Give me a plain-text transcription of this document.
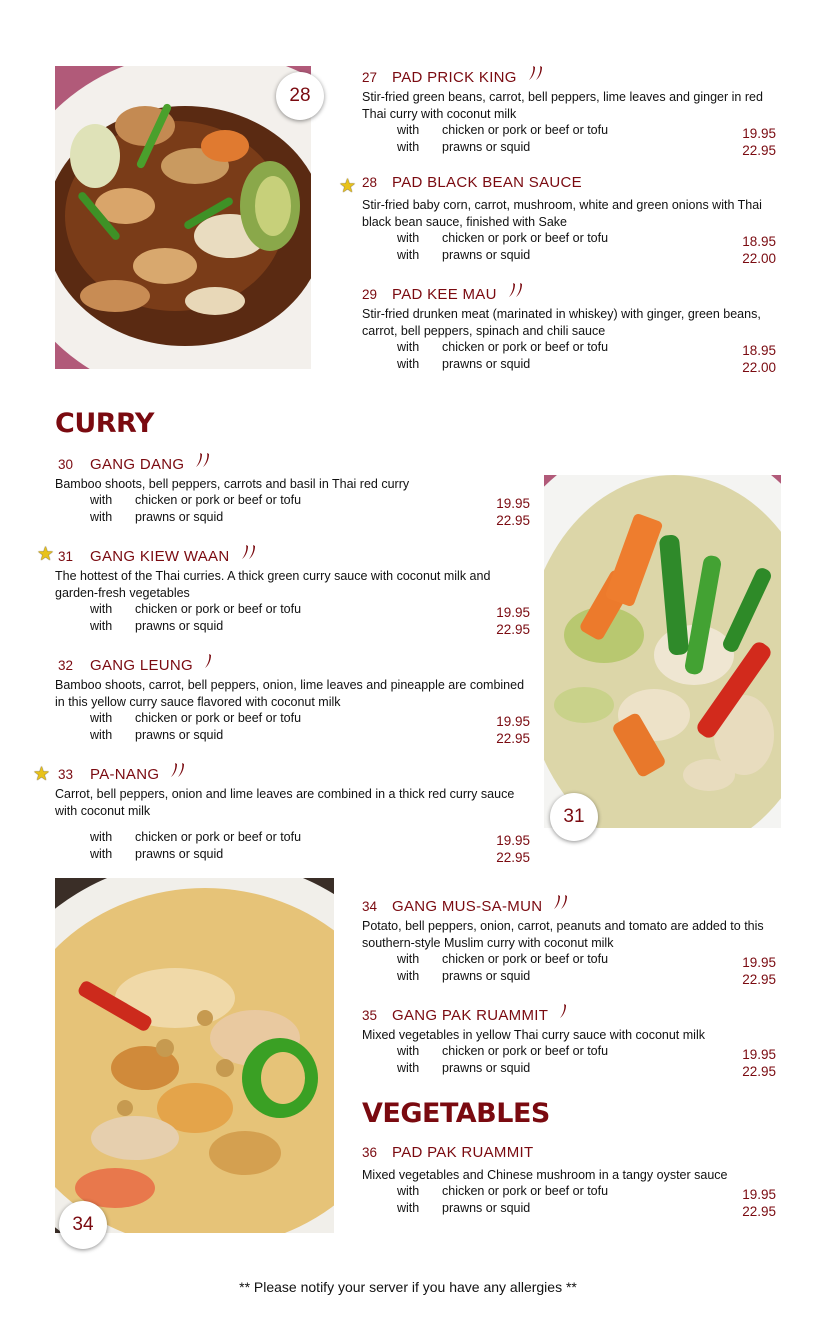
28
31
34
CURRY
VEGETABLES
27 PAD PRICK KING
Stir-fried green beans, carrot, bell peppers, lime leaves and ginger in red Thai curry with coconut milk
with chicken or pork or beef or tofu	19.95
with prawns or squid	22.95
★ 28 PAD BLACK BEAN SAUCE
Stir-fried baby corn, carrot, mushroom, white and green onions with Thai black bean sauce, finished with Sake
with chicken or pork or beef or tofu	18.95
with prawns or squid	22.00
29 PAD KEE MAU
Stir-fried drunken meat (marinated in whiskey) with ginger, green beans, carrot, bell peppers, spinach and chili sauce
with chicken or pork or beef or tofu	18.95
with prawns or squid	22.00
30	GANG DANG
Bamboo shoots, bell peppers, carrots and basil in Thai red curry
with chicken or pork or beef or tofu	19.95
with prawns or squid	22.95
★ 31	GANG KIEW WAAN
The hottest of the Thai curries. A thick green curry sauce with coconut milk and garden-fresh vegetables
with chicken or pork or beef or tofu	19.95
with prawns or squid	22.95
32	GANG LEUNG
Bamboo shoots, carrot, bell peppers, onion, lime leaves and pineapple are combined in this yellow curry sauce flavored with coconut milk
with chicken or pork or beef or tofu	19.95
with prawns or squid	22.95
★ 33	PA-NANG
Carrot, bell peppers, onion and lime leaves are combined in a thick red curry sauce with coconut milk
with chicken or pork or beef or tofu	19.95
with prawns or squid	22.95
34 GANG MUS-SA-MUN
Potato, bell peppers, onion, carrot, peanuts and tomato are added to this southern-style Muslim curry with coconut milk
with chicken or pork or beef or tofu	19.95
with prawns or squid	22.95
35 GANG PAK RUAMMIT
Mixed vegetables in yellow Thai curry sauce with coconut milk
with chicken or pork or beef or tofu	19.95
with prawns or squid	22.95
36 PAD PAK RUAMMIT
Mixed vegetables and Chinese mushroom in a tangy oyster sauce
with chicken or pork or beef or tofu	19.95
with prawns or squid	22.95
** Please notify your server if you have any allergies **
